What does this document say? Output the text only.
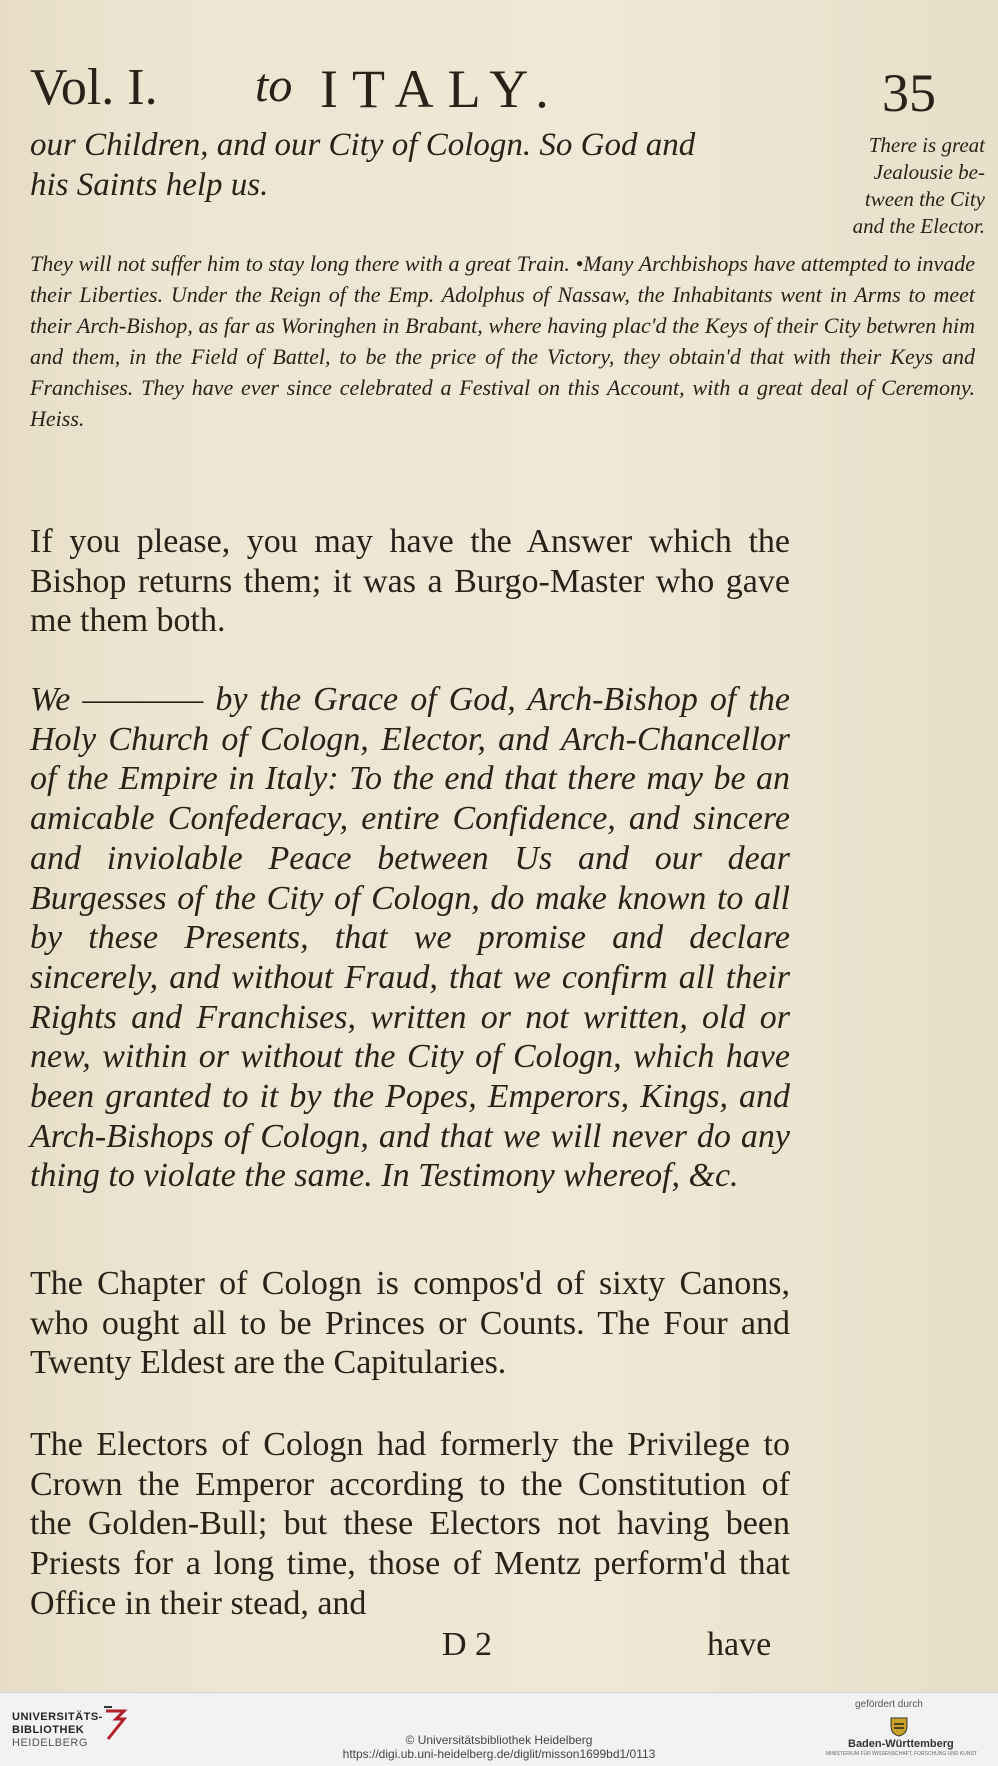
Vol. I. to ITALY.	35
our Children, and our City of Cologn. So God and
his Saints help us.
There is great
Jealousie be-
tween the City
and the Elector.
They will not suffer him to stay long there with a great Train. •Many Archbishops have attempted to invade their Liberties. Under the Reign of the Emp. Adolphus of Nassaw, the Inhabitants went in Arms to meet their Arch-Bishop, as far as Woringhen in Brabant, where having plac'd the Keys of their City betwren him and them, in the Field of Battel, to be the price of the Victory, they obtain'd that with their Keys and Franchises. They have ever since celebrated a Festival on this Account, with a great deal of Ceremony. Heiss.
If you please, you may have the Answer which the Bishop returns them; it was a Burgo-Master who gave me them both.
We ———— by the Grace of God, Arch-Bishop of the Holy Church of Cologn, Elector, and Arch-Chancellor of the Empire in Italy: To the end that there may be an amicable Confederacy, entire Confidence, and sincere and inviolable Peace between Us and our dear Burgesses of the City of Cologn, do make known to all by these Presents, that we promise and declare sincerely, and without Fraud, that we confirm all their Rights and Franchises, written or not written, old or new, within or without the City of Cologn, which have been granted to it by the Popes, Emperors, Kings, and Arch-Bishops of Cologn, and that we will never do any thing to violate the same. In Testimony whereof, &c.
The Chapter of Cologn is compos'd of sixty Canons, who ought all to be Princes or Counts. The Four and Twenty Eldest are the Capitularies.
The Electors of Cologn had formerly the Privilege to Crown the Emperor according to the Constitution of the Golden-Bull; but these Electors not having been Priests for a long time, those of Mentz perform'd that Office in their stead, and
D 2	have
UNIVERSITÄTS-
BIBLIOTHEK
HEIDELBERG	© Universitätsbibliothek Heidelberg
https://digi.ub.uni-heidelberg.de/diglit/misson1699bd1/0113
gefördert durch
Baden-Württemberg
MINISTERIUM FÜR WISSENSCHAFT, FORSCHUNG UND KUNST
